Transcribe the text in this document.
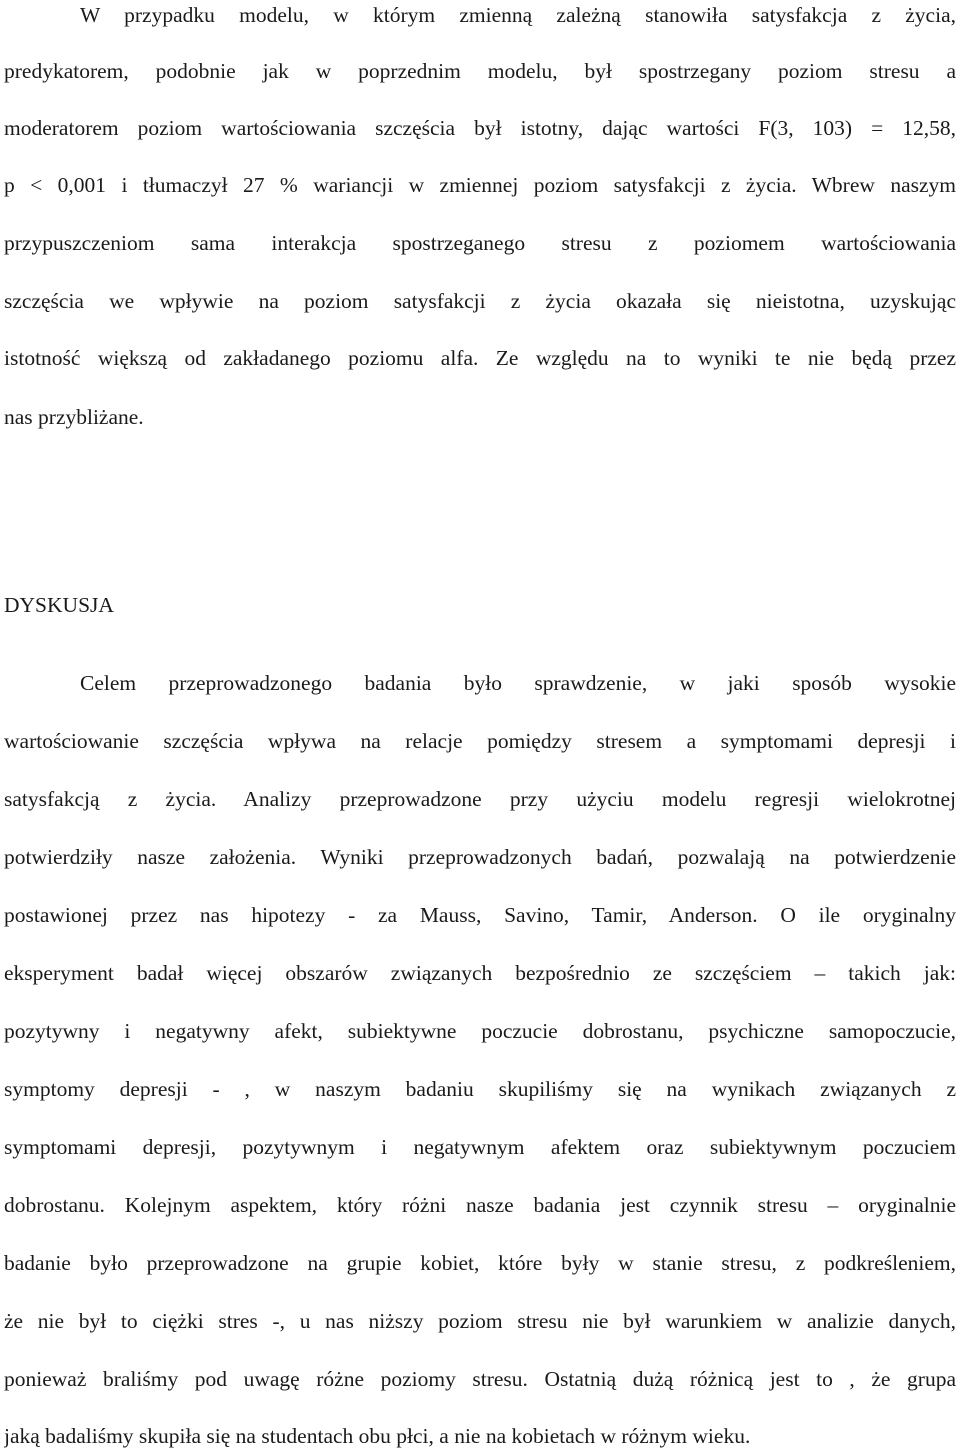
W przypadku modelu, w którym zmienną zależną stanowiła satysfakcja z życia,
predykatorem, podobnie jak w poprzednim modelu, był spostrzegany poziom stresu a
moderatorem poziom wartościowania szczęścia był istotny, dając wartości F(3, 103) = 12,58,
p < 0,001 i tłumaczył 27 % wariancji w zmiennej poziom satysfakcji z życia. Wbrew naszym
przypuszczeniom sama interakcja spostrzeganego stresu z poziomem wartościowania
szczęścia we wpływie na poziom satysfakcji z życia okazała się nieistotna, uzyskując
istotność większą od zakładanego poziomu alfa. Ze względu na to wyniki te nie będą przez
nas przybliżane.
DYSKUSJA
Celem przeprowadzonego badania było sprawdzenie, w jaki sposób wysokie
wartościowanie szczęścia wpływa na relacje pomiędzy stresem a symptomami depresji i
satysfakcją z życia. Analizy przeprowadzone przy użyciu modelu regresji wielokrotnej
potwierdziły nasze założenia. Wyniki przeprowadzonych badań, pozwalają na potwierdzenie
postawionej przez nas hipotezy - za Mauss, Savino, Tamir, Anderson. O ile oryginalny
eksperyment badał więcej obszarów związanych bezpośrednio ze szczęściem – takich jak:
pozytywny i negatywny afekt, subiektywne poczucie dobrostanu, psychiczne samopoczucie,
symptomy depresji - , w naszym badaniu skupiliśmy się na wynikach związanych z
symptomami depresji, pozytywnym i negatywnym afektem oraz subiektywnym poczuciem
dobrostanu. Kolejnym aspektem, który różni nasze badania jest czynnik stresu – oryginalnie
badanie było przeprowadzone na grupie kobiet, które były w stanie stresu, z podkreśleniem,
że nie był to ciężki stres -, u nas niższy poziom stresu nie był warunkiem w analizie danych,
ponieważ braliśmy pod uwagę różne poziomy stresu. Ostatnią dużą różnicą jest to , że grupa
jaką badaliśmy skupiła się na studentach obu płci, a nie na kobietach w różnym wieku.
